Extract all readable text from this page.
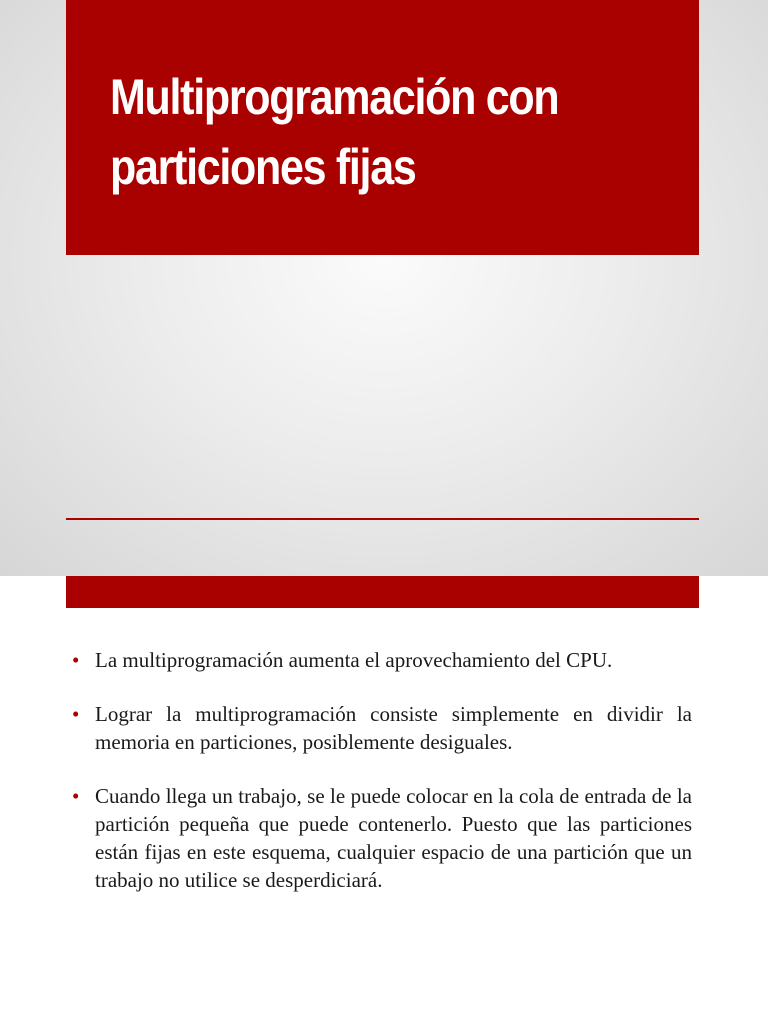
Multiprogramación con particiones fijas
• La multiprogramación aumenta el aprovechamiento del CPU.
• Lograr la multiprogramación consiste simplemente en dividir la memoria en particiones, posiblemente desiguales.
• Cuando llega un trabajo, se le puede colocar en la cola de entrada de la partición pequeña que puede contenerlo. Puesto que las particiones están fijas en este esquema, cualquier espacio de una partición que un trabajo no utilice se desperdiciará.
